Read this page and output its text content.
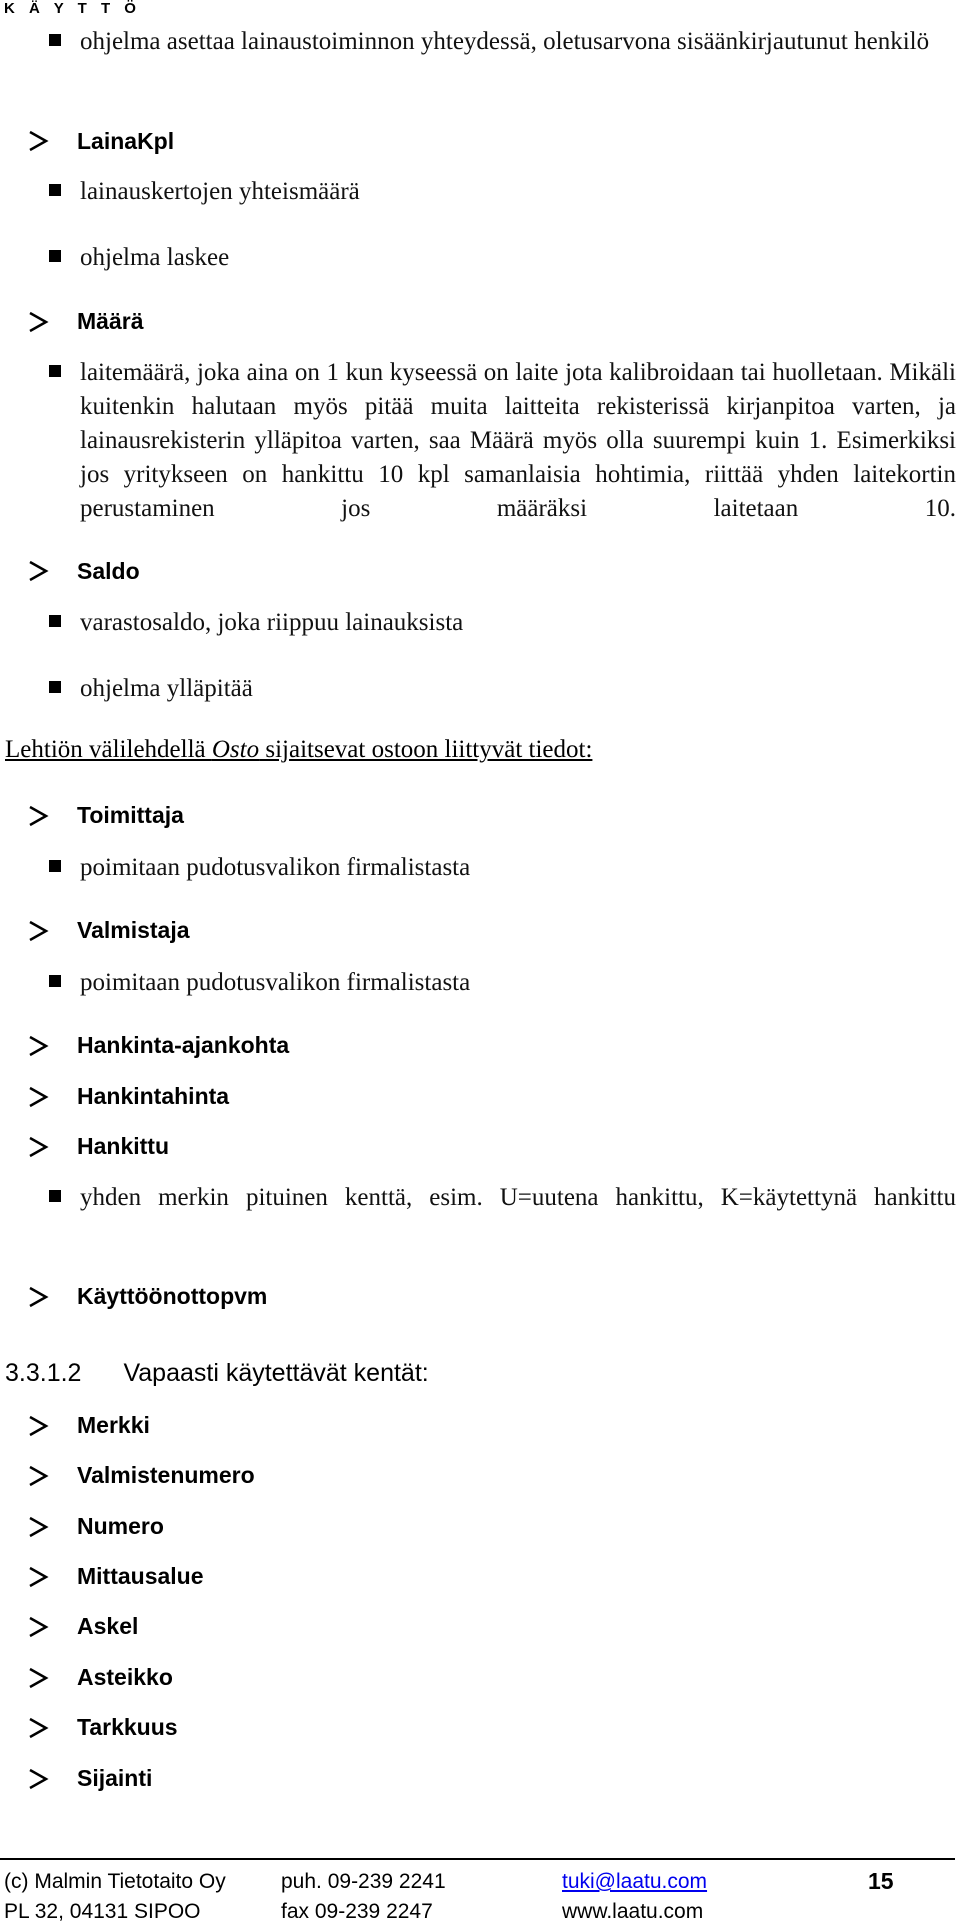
K Ä Y T T Ö
ohjelma asettaa lainaustoiminnon yhteydessä, oletusarvona sisäänkirjautunut henkilö
LainaKpl
lainauskertojen yhteismäärä
ohjelma laskee
Määrä
laitemäärä, joka aina on 1 kun kyseessä on laite jota kalibroidaan tai huolletaan. Mikäli kuitenkin halutaan myös pitää muita laitteita rekisterissä kirjanpitoa varten, ja lainausrekisterin ylläpitoa varten, saa Määrä myös olla suurempi kuin 1. Esimerkiksi jos yritykseen on hankittu 10 kpl samanlaisia hohtimia, riittää yhden laitekortin perustaminen jos määräksi laitetaan 10.
Saldo
varastosaldo, joka riippuu lainauksista
ohjelma ylläpitää
Lehtiön välilehdellä Osto sijaitsevat ostoon liittyvät tiedot:
Toimittaja
poimitaan pudotusvalikon firmalistasta
Valmistaja
poimitaan pudotusvalikon firmalistasta
Hankinta-ajankohta
Hankintahinta
Hankittu
yhden merkin pituinen kenttä, esim. U=uutena hankittu, K=käytettynä hankittu
Käyttöönottopvm
3.3.1.2 Vapaasti käytettävät kentät:
Merkki
Valmistenumero
Numero
Mittausalue
Askel
Asteikko
Tarkkuus
Sijainti
(c) Malmin Tietotaito Oy	puh. 09-239 2241	tuki@laatu.com	15
PL 32, 04131 SIPOO	fax 09-239 2247	www.laatu.com
